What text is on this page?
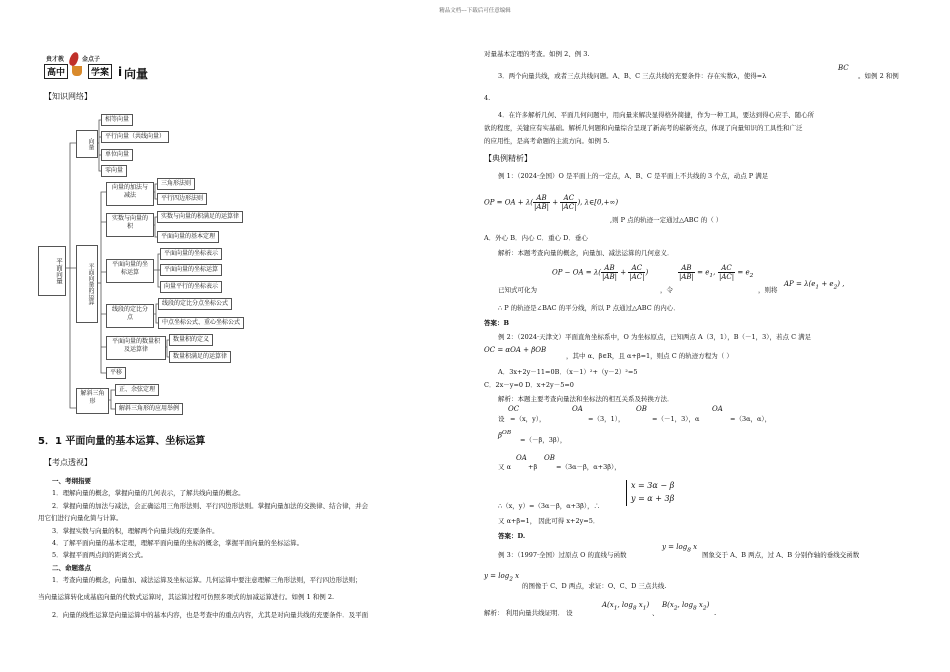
精品文档---下载后可任意编辑
贵才教	金点子
高中	学案 i 向量
【知识网络】
平面向量
向量
相等向量
平行向量（共线向量）
单位向量
零向量
平面向量的运算
向量的加法与减法
三角形法则
平行四边形法则
实数与向量的积
实数与向量的积满足的运算律
平面向量的基本定理
平面向量的坐标运算
平面向量的坐标表示
平面向量的坐标运算
向量平行的坐标表示
线段的定比分点
线段的定比分点坐标公式
中点坐标公式、重心坐标公式
平面向量的数量积及运算律
数量积的定义
数量积满足的运算律
平移
解斜三角形
正、余弦定理
解斜三角形的应用举例
5．1 平面向量的基本运算、坐标运算
【考点透视】
一、考纲指要
1．理解向量的概念，掌握向量的几何表示，了解共线向量的概念。
2．掌握向量的加法与减法，会正确运用三角形法则、平行四边形法则。掌握向量加法的交换律、结合律，并会
用它们进行向量化简与计算。
3．掌握实数与向量的积，理解两个向量共线的充要条件。
4．了解平面向量的基本定理，理解平面向量的坐标的概念，掌握平面向量的坐标运算。
5．掌握平面两点间的距离公式。
二、命题落点
1．考查向量的概念，向量加、减法运算及坐标运算。几何运算中要注意理解三角形法则，平行四边形法则；
当向量运算转化成基底向量的代数式运算时，其运算过程可仿照多项式的加减运算进行。如例 1 和例 2.
2．向量的线性运算是向量运算中的基本内容，也是考查中的重点内容，尤其是对向量共线的充要条件．及平面
对量基本定理的考查。如例 2、例 3.
3．两个向量共线，或者三点共线问题。A、B、C 三点共线的充要条件：存在实数λ，使得=λ
BC
。如例 2 和例
4.
4．在许多解析几何、平面几何问题中，用向量来解决显得格外简捷，作为一种工具，要达到得心应手、随心所
欲的程度，关键应有实基础。解析几何题和向量综合呈现了新高考的崭新亮点，体现了向量知识的工具性和广泛
的应用性，是高考命题的主流方向。如例 5.
【典例精析】
例 1：（2024·全国）O 是平面上的一定点，A、B、C 是平面上不共线的 3 个点，动点 P 满足
OP = OA + $\lambda( \frac{AB}{|AB|} + \frac{AC}{|AC|}$ ), λ∈[0,+∞)
,则 P 点的轨迹一定通过△ABC 的（ ）
A．外心 B．内心 C．重心 D．垂心
解析：本题考查向量的概念，向量加、减法运算的几何意义．
OP − OA = $\lambda( \frac{AB}{|AB|} + \frac{AC}{|AC|}$ )	$\frac{AB}{|AB|} = e_1$, $\frac{AC}{|AC|} = e_2$
已知式可化为	，令	，则将
AP = $\lambda(e_1 + e_2)$ ,
∴ P 的轨迹是∠BAC 的平分线，所以 P 点通过△ABC 的内心．
答案：B
例 2：（2024·天津文）平面直角坐标系中，O 为坐标原点，已知两点 A（3，1），B（－1，3），若点 C 满足
OC = αOA + βOB
，其中 α、β∈R，且 α+β=1，则点 C 的轨迹方程为（ ）
A．3x+2y－11=0B．（x－1）²+（y－2）²=5
C．2x－y=0 D．x+2y－5=0
解析：本题主要考查向量法和坐标法的相互关系及转换方法．
设
OC
=（x，y），
OA
=（3，1），
OB
=（－1，3），α
OA
=（3α，α），
$\beta^{OB}$
=（－β，3β），
又 α
OA
+β
OB
=（3α－β，α+3β），
∴（x，y）=（3α－β，α+3β），∴
x = 3α − β
y = α + 3β
又 α+β=1， 因此可得 x+2y=5．
答案：D.
例 3：（1997·全国）过原点 O 的直线与函数
$y = \log_8 x$
图象交于 A、B 两点，过 A、B 分别作轴的垂线交函数
$y = \log_2 x$
的图像于 C、D 两点，求证：O、C、D 三点共线.
解析： 利用向量共线证明． 设
$A(x_1$, $\log_8 x_1$)
、
$B(x_2$, $\log_8 x_2$)
.
